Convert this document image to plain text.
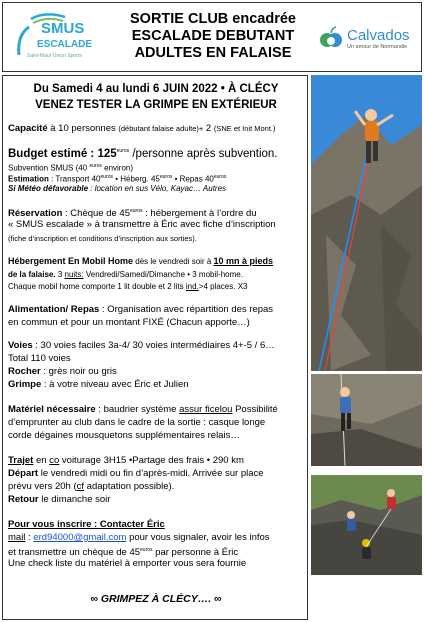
SMUS
ESCALADE
Saint-Maur Union Sports
SORTIE CLUB encadrée
ESCALADE DEBUTANT
ADULTES EN FALAISE
Calvados
Un amour de Normandie
Du Samedi 4 au lundi 6 JUIN 2022 • À CLÉCY
VENEZ TESTER LA GRIMPE EN EXTÉRIEUR
Capacité à 10 personnes (débutant falaise adulte)+ 2 (SNE et Init Mont.)
Budget estimé : $125^{euros}$ /personne après subvention.
Subvention SMUS (40 $^{euros}$ environ)
Estimation : Transport $40^{euros}$ • Héberg. $45^{euros}$ • Repas $40^{euros}$
Si Météo défavorable : location en sus Vélo, Kayac… Autres
Réservation : Chèque de $45^{euros}$ : hébergement à l’ordre du
« SMUS escalade » à transmettre à Éric avec fiche d’inscription
(fiche d’inscription et conditions d’inscription aux sorties).
Hébergement En Mobil Home dès le vendredi soir à 10 mn à pieds
de la falaise. 3 nuits: Vendredi/Samedi/Dimanche • 3 mobil-home.
Chaque mobil home comporte 1 lit double et 2 lits ind.>4 places. X3
Alimentation/ Repas : Organisation avec répartition des repas
en commun et pour un montant FIXÉ (Chacun apporte…)
Voies : 30 voies faciles 3a-4/ 30 voies intermédiaires 4+-5 / 6…
Total 110 voies
Rocher : grès noir ou gris
Grimpe : à votre niveau avec Éric et Julien
Matériel nécessaire : baudrier système assur ficelou Possibilité
d’emprunter au club dans le cadre de la sortie : casque longe
corde dégaines mousquetons supplémentaires relais…
Trajet en co voiturage 3H15 •Partage des frais • 290 km
Départ le vendredi midi ou fin d’après-midi. Arrivée sur place
prévu vers 20h (cf adaptation possible).
Retour le dimanche soir
Pour vous inscrire : Contacter Éric
mail : erd94000@gmail.com pour vous signaler, avoir les infos
et transmettre un chèque de $45^{euros}$ par personne à Éric
Une check liste du matériel à emporter vous sera fournie
∞ GRIMPEZ À CLÉCY…. ∞
